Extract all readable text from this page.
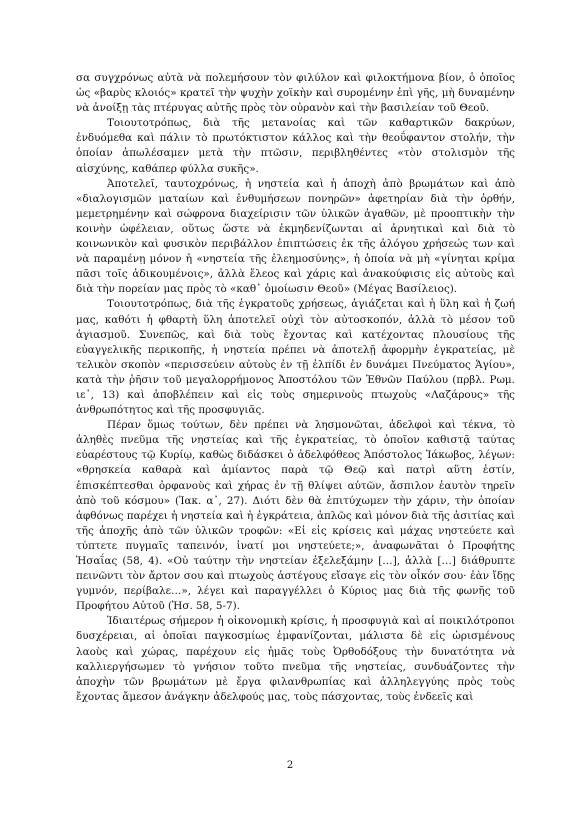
σα συγχρόνως αὐτὰ νὰ πολεμήσουν τὸν φιλύλον καὶ φιλοκτήμονα βίον, ὁ ὁποῖος ὡς «βαρὺς κλοιός» κρατεῖ τὴν ψυχὴν χοϊκὴν καὶ συρομένην ἐπὶ γῆς, μὴ δυναμένην νὰ ἀνοίξῃ τὰς πτέρυγας αὐτῆς πρὸς τὸν οὐρανὸν καὶ τὴν βασιλείαν τοῦ Θεοῦ.

Τοιουτοτρόπως, διὰ τῆς μετανοίας καὶ τῶν καθαρτικῶν δακρύων, ἐνδυόμεθα καὶ πάλιν τὸ πρωτόκτιστον κάλλος καὶ τὴν θεοΰφαντον στολήν, τὴν ὁποίαν ἀπωλέσαμεν μετὰ τὴν πτῶσιν, περιβληθέντες «τὸν στολισμὸν τῆς αἰσχύνης, καθάπερ φύλλα συκῆς».

Ἀποτελεῖ, ταυτοχρόνως, ἡ νηστεία καὶ ἡ ἀποχὴ ἀπὸ βρωμάτων καὶ ἀπὸ «διαλογισμῶν ματαίων καὶ ἐνθυμήσεων πονηρῶν» ἀφετηρίαν διὰ τὴν ὀρθήν, μεμετρημένην καὶ σώφρονα διαχείρισιν τῶν ὑλικῶν ἀγαθῶν, μὲ προοπτικὴν τὴν κοινὴν ὠφέλειαν, οὕτως ὥστε νὰ ἐκμηδενίζωνται αἱ ἀρνητικαὶ καὶ διὰ τὸ κοινωνικὸν καὶ φυσικὸν περιβάλλον ἐπιπτώσεις ἐκ τῆς ἀλόγου χρήσεώς των καὶ νὰ παραμένῃ μόνον ἡ «νηστεία τῆς ἐλεημοσύνης», ἡ ὁποία νὰ μὴ «γίνηται κρίμα πᾶσι τοῖς ἀδικουμένοις», ἀλλὰ ἔλεος καὶ χάρις καὶ ἀνακούφισις εἰς αὐτοὺς καὶ διὰ τὴν πορείαν μας πρὸς τὸ «καθ᾽ ὁμοίωσιν Θεοῦ» (Μέγας Βασίλειος).

Τοιουτοτρόπως, διὰ τῆς ἐγκρατοῦς χρήσεως, ἁγιάζεται καὶ ἡ ὕλη καὶ ἡ ζωή μας, καθότι ἡ φθαρτὴ ὕλη ἀποτελεῖ οὐχὶ τὸν αὐτοσκοπόν, ἀλλὰ τὸ μέσον τοῦ ἁγιασμοῦ. Συνεπῶς, καὶ διὰ τοὺς ἔχοντας καὶ κατέχοντας πλουσίους τῆς εὐαγγελικῆς περικοπῆς, ἡ νηστεία πρέπει νὰ ἀποτελῇ ἀφορμὴν ἐγκρατείας, μὲ τελικὸν σκοπὸν «περισσεύειν αὐτοὺς ἐν τῇ ἐλπίδι ἐν δυνάμει Πνεύματος Ἁγίου», κατὰ τὴν ῥῆσιν τοῦ μεγαλορρήμονος Ἀποστόλου τῶν Ἐθνῶν Παύλου (πρβλ. Ρωμ. ιε᾽, 13) καὶ ἀποβλέπειν καὶ εἰς τοὺς σημερινοὺς πτωχοὺς «Λαζάρους» τῆς ἀνθρωπότητος καὶ τῆς προσφυγιᾶς.

Πέραν ὅμως τούτων, δὲν πρέπει νὰ λησμονῶται, ἀδελφοὶ καὶ τέκνα, τὸ ἀληθὲς πνεῦμα τῆς νηστείας καὶ τῆς ἐγκρατείας, τὸ ὁποῖον καθιστᾷ ταύτας εὐαρέστους τῷ Κυρίῳ, καθὼς διδάσκει ὁ ἀδελφόθεος Ἀπόστολος Ἰάκωβος, λέγων: «θρησκεία καθαρὰ καὶ ἀμίαντος παρὰ τῷ Θεῷ καὶ πατρὶ αὕτη ἐστίν, ἐπισκέπτεσθαι ὀρφανοὺς καὶ χήρας ἐν τῇ θλίψει αὐτῶν, ἄσπιλον ἑαυτὸν τηρεῖν ἀπὸ τοῦ κόσμου» (Ἰακ. α᾽, 27). Διότι δὲν θὰ ἐπιτύχωμεν τὴν χάριν, τὴν ὁποίαν ἀφθόνως παρέχει ἡ νηστεία καὶ ἡ ἐγκράτεια, ἁπλῶς καὶ μόνον διὰ τῆς ἀσιτίας καὶ τῆς ἀποχῆς ἀπὸ τῶν ὑλικῶν τροφῶν: «Εἰ εἰς κρίσεις καὶ μάχας νηστεύετε καὶ τύπτετε πυγμαῖς ταπεινόν, ἱνατί μοι νηστεύετε;», ἀναφωνᾶται ὁ Προφήτης Ἡσαΐας (58, 4). «Οὐ ταύτην τὴν νηστείαν ἐξελεξάμην […], ἀλλὰ […] διάθρυπτε πεινῶντι τὸν ἄρτον σου καὶ πτωχοὺς ἀστέγους εἴσαγε εἰς τὸν οἶκόν σου· ἐὰν ἴδῃς γυμνόν, περίβαλε…», λέγει καὶ παραγγέλλει ὁ Κύριος μας διὰ τῆς φωνῆς τοῦ Προφήτου Αὐτοῦ (Ἡσ. 58, 5-7).

Ἰδιαιτέρως σήμερον ἡ οἰκονομικὴ κρίσις, ἡ προσφυγιὰ καὶ αἱ ποικιλότροποι δυσχέρειαι, αἱ ὁποῖαι παγκοσμίως ἐμφανίζονται, μάλιστα δὲ εἰς ὡρισμένους λαοὺς καὶ χώρας, παρέχουν εἰς ἡμᾶς τοὺς Ὀρθοδόξους τὴν δυνατότητα νὰ καλλιεργήσωμεν τὸ γνήσιον τοῦτο πνεῦμα τῆς νηστείας, συνδυάζοντες τὴν ἀποχὴν τῶν βρωμάτων μὲ ἔργα φιλανθρωπίας καὶ ἀλληλεγγύης πρὸς τοὺς ἔχοντας ἄμεσον ἀνάγκην ἀδελφούς μας, τοὺς πάσχοντας, τοὺς ἐνδεεῖς καὶ

2
